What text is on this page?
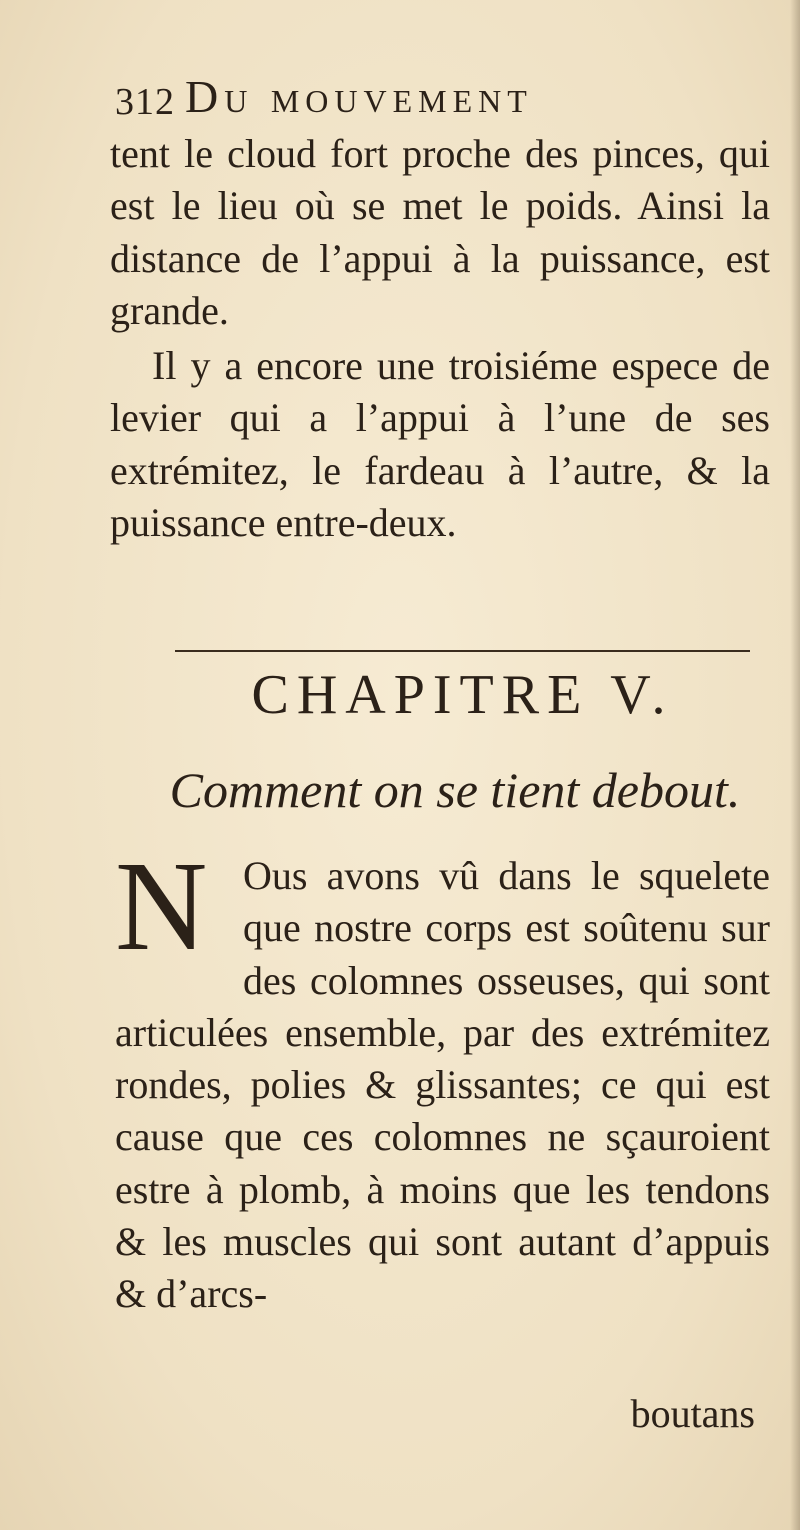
312 Du mouvement

tent le cloud fort proche des pinces, qui est le lieu où se met le poids. Ainsi la distance de l’appui à la puissance, est grande.

Il y a encore une troisiéme espece de levier qui a l’appui à l’une de ses extrémitez, le fardeau à l’autre, & la puissance entre-deux.

CHAPITRE V.
Comment on se tient debout.
N Ous avons vû dans le squelete que nostre corps est soûtenu sur des colomnes osseuses, qui sont articulées ensemble, par des extrémitez rondes, polies & glissantes; ce qui est cause que ces colomnes ne sçauroient estre à plomb, à moins que les tendons & les muscles qui sont autant d’appuis & d’arcs-

boutans
